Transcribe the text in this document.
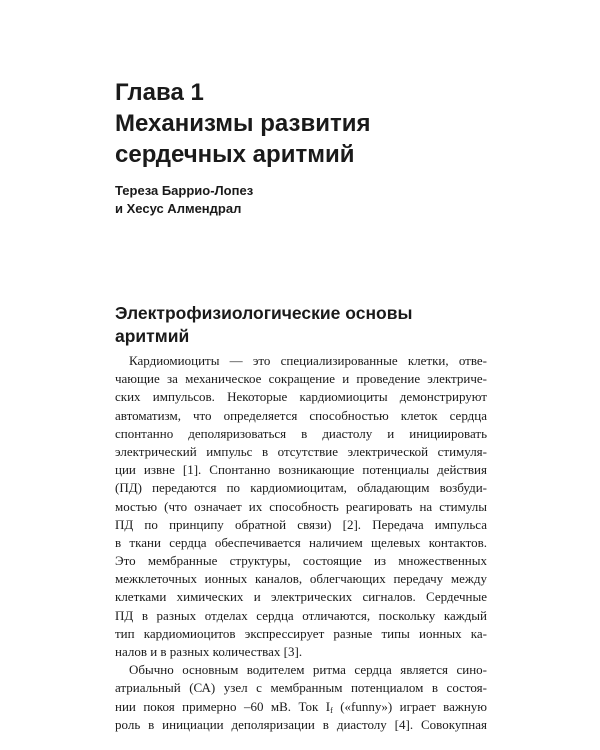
Глава 1
Механизмы развития
сердечных аритмий
Тереза Баррио-Лопез
и Хесус Алмендрал
Электрофизиологические основы
аритмий
Кардиомиоциты — это специализированные клетки, отве-
чающие за механическое сокращение и проведение электриче-
ских импульсов. Некоторые кардиомиоциты демонстрируют
автоматизм, что определяется способностью клеток сердца
спонтанно деполяризоваться в диастолу и инициировать
электрический импульс в отсутствие электрической стимуля-
ции извне [1]. Спонтанно возникающие потенциалы действия
(ПД) передаются по кардиомиоцитам, обладающим возбуди-
мостью (что означает их способность реагировать на стимулы
ПД по принципу обратной связи) [2]. Передача импульса
в ткани сердца обеспечивается наличием щелевых контактов.
Это мембранные структуры, состоящие из множественных
межклеточных ионных каналов, облегчающих передачу между
клетками химических и электрических сигналов. Сердечные
ПД в разных отделах сердца отличаются, поскольку каждый
тип кардиомиоцитов экспрессирует разные типы ионных ка-
налов и в разных количествах [3].
Обычно основным водителем ритма сердца является сино-
атриальный (СА) узел с мембранным потенциалом в состоя-
нии покоя примерно –60 мВ. Ток $I_f$ («funny») играет важную
роль в инициации деполяризации в диастолу [4]. Совокупная
